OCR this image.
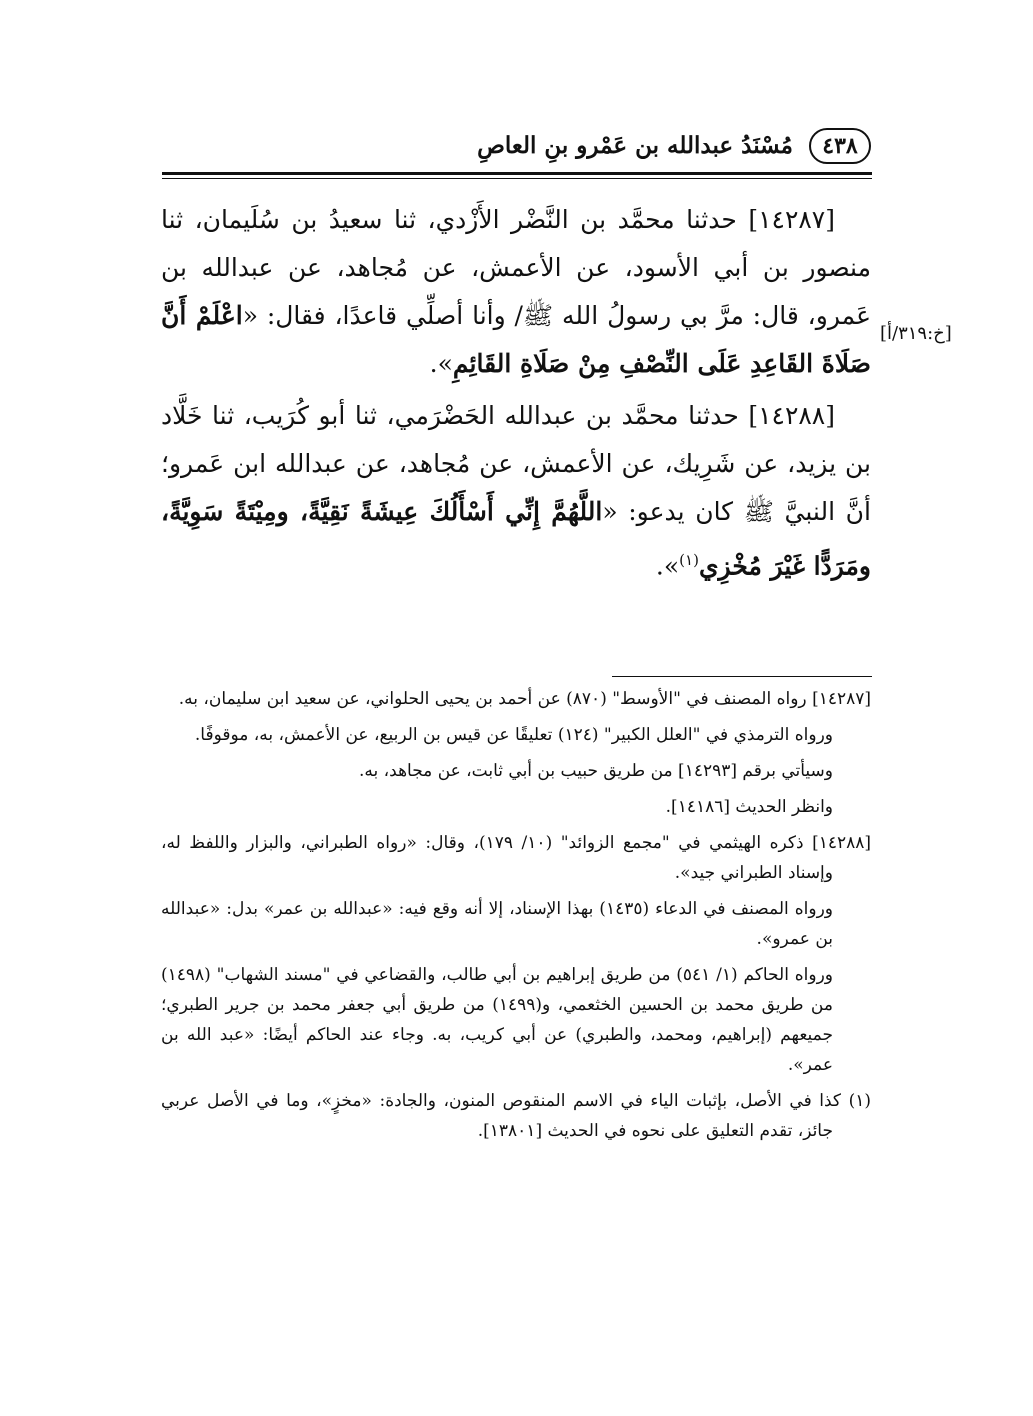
٤٣٨
مُسْنَدُ عبدالله بن عَمْرو بنِ العاصِ
[خ:٣١٩/أ]

[١٤٢٨٧] حدثنا محمَّد بن النَّضْر الأَزْدي، ثنا سعيدُ بن سُلَيمان، ثنا منصور بن أبي الأسود، عن الأعمش، عن مُجاهد، عن عبدالله بن عَمرو، قال: مرَّ بي رسولُ الله ﷺ/ وأنا أصلِّي قاعدًا، فقال: «اعْلَمْ أَنَّ صَلَاةَ القَاعِدِ عَلَى النِّصْفِ مِنْ صَلَاةِ القَائِمِ».

[١٤٢٨٨] حدثنا محمَّد بن عبدالله الحَضْرَمي، ثنا أبو كُرَيب، ثنا خَلَّاد بن يزيد، عن شَرِيك، عن الأعمش، عن مُجاهد، عن عبدالله ابن عَمرو؛ أنَّ النبيَّ ﷺ كان يدعو: «اللَّهُمَّ إِنِّي أَسْأَلُكَ عِيشَةً نَقِيَّةً، ومِيْتَةً سَوِيَّةً، ومَرَدًّا غَيْرَ مُخْزِي$^{(١)}$».

[١٤٢٨٧] رواه المصنف في "الأوسط" (٨٧٠) عن أحمد بن يحيى الحلواني، عن سعيد ابن سليمان، به.

ورواه الترمذي في "العلل الكبير" (١٢٤) تعليقًا عن قيس بن الربيع، عن الأعمش، به، موقوفًا.

وسيأتي برقم [١٤٢٩٣] من طريق حبيب بن أبي ثابت، عن مجاهد، به.

وانظر الحديث [١٤١٨٦].

[١٤٢٨٨] ذكره الهيثمي في "مجمع الزوائد" (١٠/ ١٧٩)، وقال: «رواه الطبراني، والبزار واللفظ له، وإسناد الطبراني جيد».

ورواه المصنف في الدعاء (١٤٣٥) بهذا الإسناد، إلا أنه وقع فيه: «عبدالله بن عمر» بدل: «عبدالله بن عمرو».

ورواه الحاكم (١/ ٥٤١) من طريق إبراهيم بن أبي طالب، والقضاعي في "مسند الشهاب" (١٤٩٨) من طريق محمد بن الحسين الخثعمي، و(١٤٩٩) من طريق أبي جعفر محمد بن جرير الطبري؛ جميعهم (إبراهيم، ومحمد، والطبري) عن أبي كريب، به. وجاء عند الحاكم أيضًا: «عبد الله بن عمر».

(١) كذا في الأصل، بإثبات الياء في الاسم المنقوص المنون، والجادة: «مخزٍ»، وما في الأصل عربي جائز، تقدم التعليق على نحوه في الحديث [١٣٨٠١].
